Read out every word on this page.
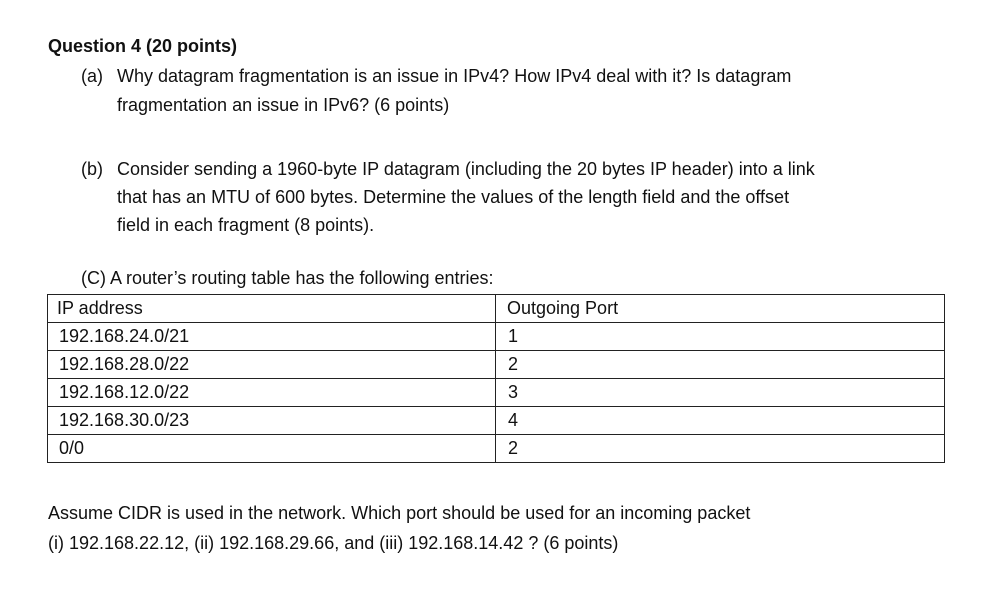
Question 4 (20 points)
(a) Why datagram fragmentation is an issue in IPv4? How IPv4 deal with it? Is datagram
fragmentation an issue in IPv6? (6 points)
(b) Consider sending a 1960-byte IP datagram (including the 20 bytes IP header) into a link
that has an MTU of 600 bytes. Determine the values of the length field and the offset
field in each fragment (8 points).
(C) A router’s routing table has the following entries:
IP address	Outgoing Port
192.168.24.0/21	1
192.168.28.0/22	2
192.168.12.0/22	3
192.168.30.0/23	4
0/0	2
Assume CIDR is used in the network. Which port should be used for an incoming packet
(i) 192.168.22.12, (ii) 192.168.29.66, and (iii) 192.168.14.42 ? (6 points)
